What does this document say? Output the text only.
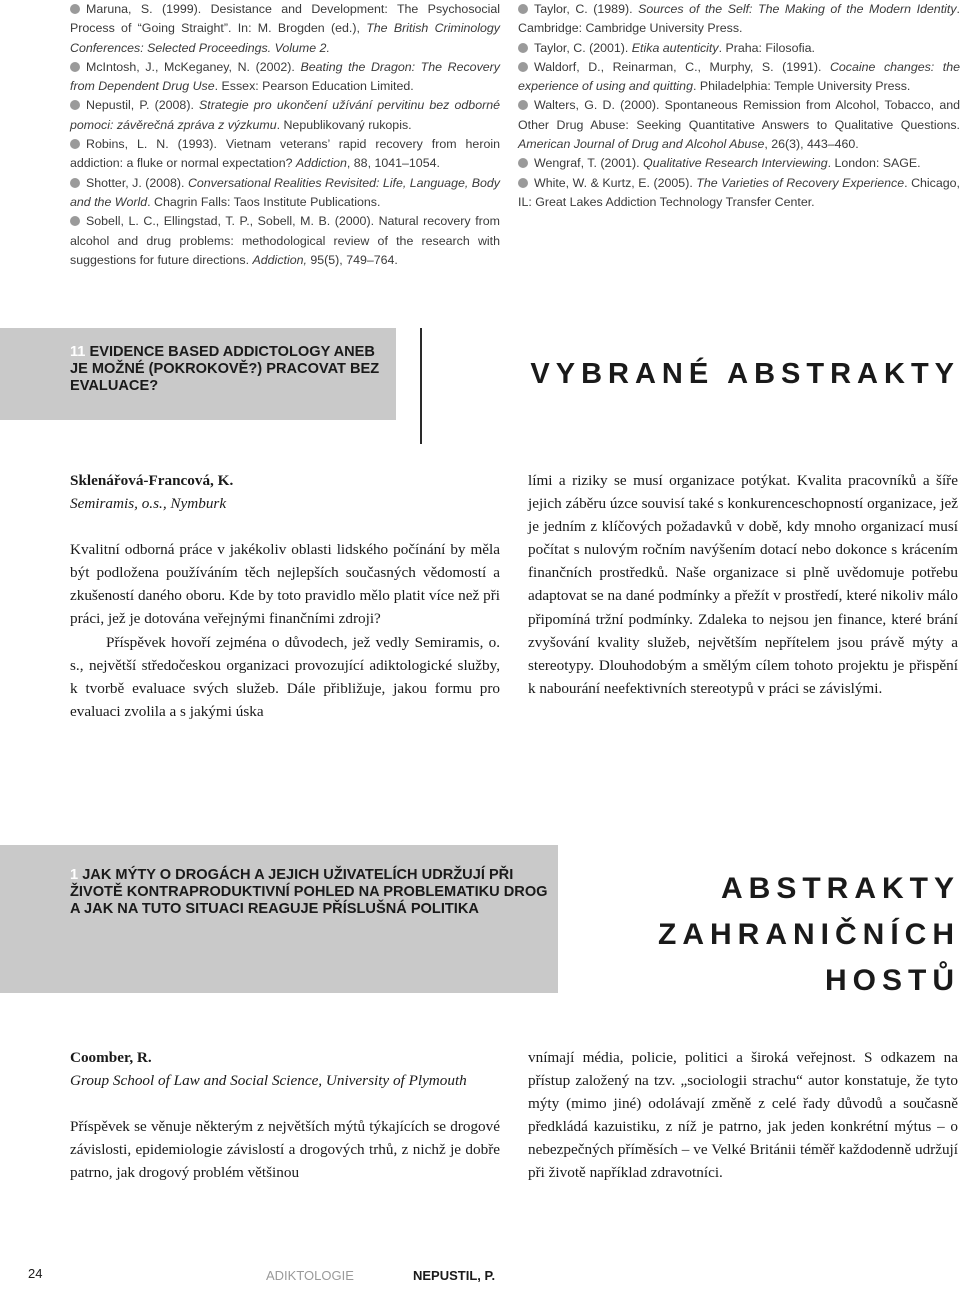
Maruna, S. (1999). Desistance and Development: The Psychosocial Process of “Going Straight”. In: M. Brogden (ed.), The British Criminology Conferences: Selected Proceedings. Volume 2.

McIntosh, J., McKeganey, N. (2002). Beating the Dragon: The Recovery from Dependent Drug Use. Essex: Pearson Education Limited.

Nepustil, P. (2008). Strategie pro ukončení užívání pervitinu bez odborné pomoci: závěrečná zpráva z výzkumu. Nepublikovaný rukopis.

Robins, L. N. (1993). Vietnam veterans’ rapid recovery from heroin addiction: a fluke or normal expectation? Addiction, 88, 1041–1054.

Shotter, J. (2008). Conversational Realities Revisited: Life, Language, Body and the World. Chagrin Falls: Taos Institute Publications.

Sobell, L. C., Ellingstad, T. P., Sobell, M. B. (2000). Natural recovery from alcohol and drug problems: methodological review of the research with suggestions for future directions. Addiction, 95(5), 749–764.

Taylor, C. (1989). Sources of the Self: The Making of the Modern Identity. Cambridge: Cambridge University Press.

Taylor, C. (2001). Etika autenticity. Praha: Filosofia.

Waldorf, D., Reinarman, C., Murphy, S. (1991). Cocaine changes: the experience of using and quitting. Philadelphia: Temple University Press.

Walters, G. D. (2000). Spontaneous Remission from Alcohol, Tobacco, and Other Drug Abuse: Seeking Quantitative Answers to Qualitative Questions. American Journal of Drug and Alcohol Abuse, 26(3), 443–460.

Wengraf, T. (2001). Qualitative Research Interviewing. London: SAGE.

White, W. & Kurtz, E. (2005). The Varieties of Recovery Experience. Chicago, IL: Great Lakes Addiction Technology Transfer Center.

11 EVIDENCE BASED ADDICTOLOGY ANEB JE MOŽNÉ (POKROKOVĚ?) PRACOVAT BEZ EVALUACE?	VYBRANÉ ABSTRAKTY

Sklenářová-Francová, K.

Semiramis, o.s., Nymburk

Kvalitní odborná práce v jakékoliv oblasti lidského počínání by měla být podložena používáním těch nejlepších současných vědomostí a zkušeností daného oboru. Kde by toto pravidlo mělo platit více než při práci, jež je dotována veřejnými finančními zdroji?

Příspěvek hovoří zejména o důvodech, jež vedly Semiramis, o. s., největší středočeskou organizaci provozující adiktologické služby, k tvorbě evaluace svých služeb. Dále přibližuje, jakou formu pro evaluaci zvolila a s jakými úska

lími a riziky se musí organizace potýkat. Kvalita pracovníků a šíře jejich záběru úzce souvisí také s konkurenceschopností organizace, jež je jedním z klíčových požadavků v době, kdy mnoho organizací musí počítat s nulovým ročním navýšením dotací nebo dokonce s krácením finančních prostředků. Naše organizace si plně uvědomuje potřebu adaptovat se na dané podmínky a přežít v prostředí, které nikoliv málo připomíná tržní podmínky. Zdaleka to nejsou jen finance, které brání zvyšování kvality služeb, největším nepřítelem jsou právě mýty a stereotypy. Dlouhodobým a smělým cílem tohoto projektu je přispění k nabourání neefektivních stereotypů v práci se závislými.

1 JAK MÝTY O DROGÁCH A JEJICH UŽIVATELÍCH UDRŽUJÍ PŘI ŽIVOTĚ KONTRAPRODUKTIVNÍ POHLED NA PROBLEMATIKU DROG A JAK NA TUTO SITUACI REAGUJE PŘÍSLUŠNÁ POLITIKA
ABSTRAKTY
ZAHRANIČNÍCH
HOSTŮ

Coomber, R.

Group School of Law and Social Science, University of Plymouth

Příspěvek se věnuje některým z největších mýtů týkajících se drogové závislosti, epidemiologie závislostí a drogových trhů, z nichž je dobře patrno, jak drogový problém většinou

vnímají média, policie, politici a široká veřejnost. S odkazem na přístup založený na tzv. „sociologii strachu“ autor konstatuje, že tyto mýty (mimo jiné) odolávají změně z celé řady důvodů a současně předkládá kazuistiku, z níž je patrno, jak jeden konkrétní mýtus – o nebezpečných příměsích – ve Velké Británii téměř každodenně udržují při životě například zdravotníci.

24	ADIKTOLOGIE	NEPUSTIL, P.
